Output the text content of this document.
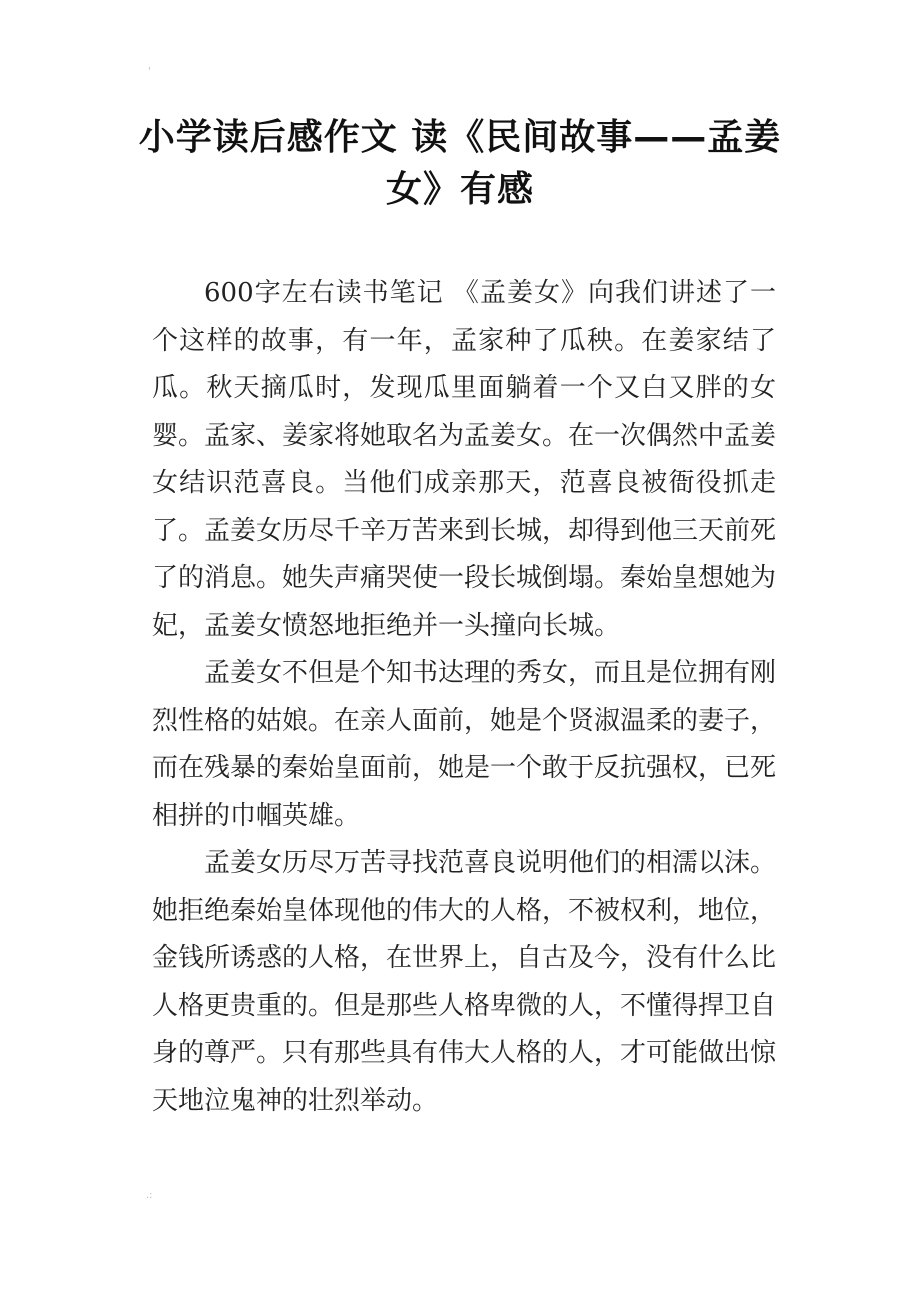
'
.:
小学读后感作文 读《民间故事——孟姜女》有感

600字左右读书笔记 《孟姜女》向我们讲述了一个这样的故事，有一年，孟家种了瓜秧。在姜家结了瓜。秋天摘瓜时，发现瓜里面躺着一个又白又胖的女婴。孟家、姜家将她取名为孟姜女。在一次偶然中孟姜女结识范喜良。当他们成亲那天，范喜良被衙役抓走了。孟姜女历尽千辛万苦来到长城，却得到他三天前死了的消息。她失声痛哭使一段长城倒塌。秦始皇想她为妃，孟姜女愤怒地拒绝并一头撞向长城。

孟姜女不但是个知书达理的秀女，而且是位拥有刚烈性格的姑娘。在亲人面前，她是个贤淑温柔的妻子，而在残暴的秦始皇面前，她是一个敢于反抗强权，已死相拼的巾帼英雄。

孟姜女历尽万苦寻找范喜良说明他们的相濡以沫。她拒绝秦始皇体现他的伟大的人格，不被权利，地位，金钱所诱惑的人格，在世界上，自古及今，没有什么比人格更贵重的。但是那些人格卑微的人，不懂得捍卫自身的尊严。只有那些具有伟大人格的人，才可能做出惊天地泣鬼神的壮烈举动。
